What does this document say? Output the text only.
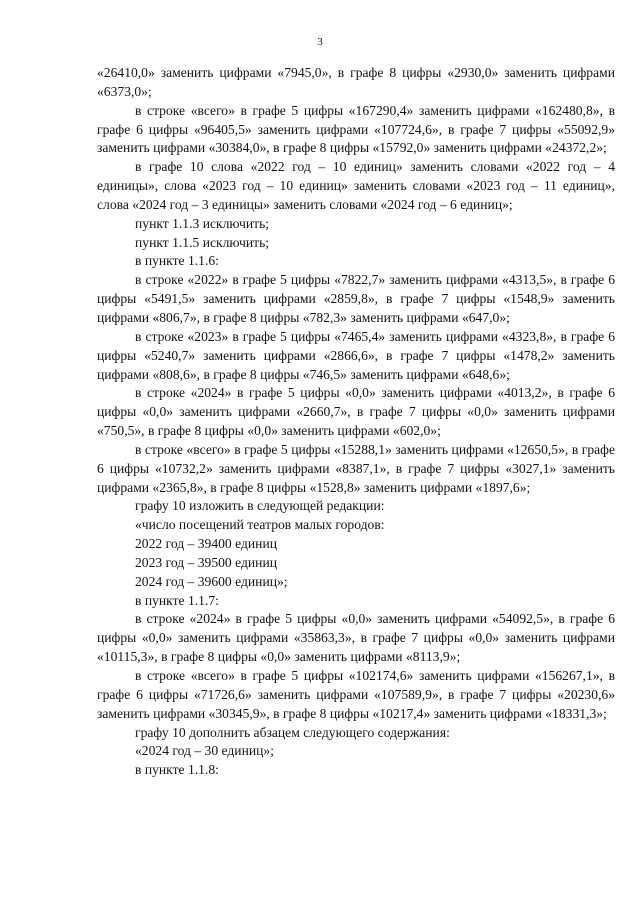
3

«26410,0» заменить цифрами «7945,0», в графе 8 цифры «2930,0» заменить цифрами «6373,0»;

в строке «всего» в графе 5 цифры «167290,4» заменить цифрами «162480,8», в графе 6 цифры «96405,5» заменить цифрами «107724,6», в графе 7 цифры «55092,9» заменить цифрами «30384,0», в графе 8 цифры «15792,0» заменить цифрами «24372,2»;

в графе 10 слова «2022 год – 10 единиц» заменить словами «2022 год – 4 единицы», слова «2023 год – 10 единиц» заменить словами «2023 год – 11 единиц», слова «2024 год – 3 единицы» заменить словами «2024 год – 6 единиц»;

пункт 1.1.3 исключить;

пункт 1.1.5 исключить;

в пункте 1.1.6:

в строке «2022» в графе 5 цифры «7822,7» заменить цифрами «4313,5», в графе 6 цифры «5491,5» заменить цифрами «2859,8», в графе 7 цифры «1548,9» заменить цифрами «806,7», в графе 8 цифры «782,3» заменить цифрами «647,0»;

в строке «2023» в графе 5 цифры «7465,4» заменить цифрами «4323,8», в графе 6 цифры «5240,7» заменить цифрами «2866,6», в графе 7 цифры «1478,2» заменить цифрами «808,6», в графе 8 цифры «746,5» заменить цифрами «648,6»;

в строке «2024» в графе 5 цифры «0,0» заменить цифрами «4013,2», в графе 6 цифры «0,0» заменить цифрами «2660,7», в графе 7 цифры «0,0» заменить цифрами «750,5», в графе 8 цифры «0,0» заменить цифрами «602,0»;

в строке «всего» в графе 5 цифры «15288,1» заменить цифрами «12650,5», в графе 6 цифры «10732,2» заменить цифрами «8387,1», в графе 7 цифры «3027,1» заменить цифрами «2365,8», в графе 8 цифры «1528,8» заменить цифрами «1897,6»;

графу 10 изложить в следующей редакции:

«число посещений театров малых городов:

2022 год – 39400 единиц

2023 год – 39500 единиц

2024 год – 39600 единиц»;

в пункте 1.1.7:

в строке «2024» в графе 5 цифры «0,0» заменить цифрами «54092,5», в графе 6 цифры «0,0» заменить цифрами «35863,3», в графе 7 цифры «0,0» заменить цифрами «10115,3», в графе 8 цифры «0,0» заменить цифрами «8113,9»;

в строке «всего» в графе 5 цифры «102174,6» заменить цифрами «156267,1», в графе 6 цифры «71726,6» заменить цифрами «107589,9», в графе 7 цифры «20230,6» заменить цифрами «30345,9», в графе 8 цифры «10217,4» заменить цифрами «18331,3»;

графу 10 дополнить абзацем следующего содержания:

«2024 год – 30 единиц»;

в пункте 1.1.8:
